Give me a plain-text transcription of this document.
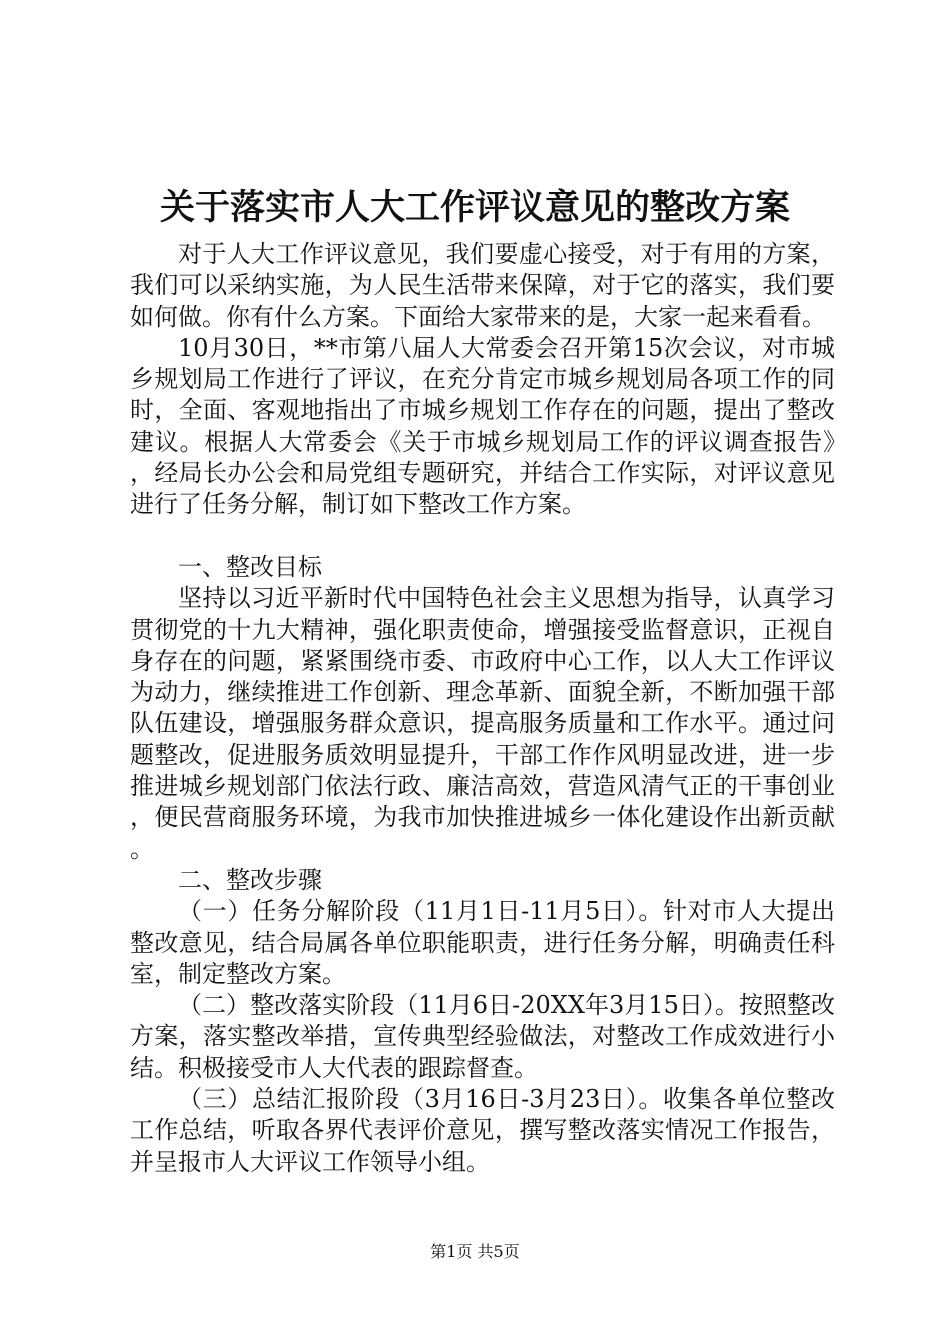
关于落实市人大工作评议意见的整改方案

对于人大工作评议意见，我们要虚心接受，对于有用的方案，我们可以采纳实施，为人民生活带来保障，对于它的落实，我们要如何做。你有什么方案。下面给大家带来的是，大家一起来看看。

10月30日，**市第八届人大常委会召开第15次会议，对市城乡规划局工作进行了评议，在充分肯定市城乡规划局各项工作的同时，全面、客观地指出了市城乡规划工作存在的问题，提出了整改建议。根据人大常委会《关于市城乡规划局工作的评议调查报告》，经局长办公会和局党组专题研究，并结合工作实际，对评议意见进行了任务分解，制订如下整改工作方案。

一、整改目标

坚持以习近平新时代中国特色社会主义思想为指导，认真学习贯彻党的十九大精神，强化职责使命，增强接受监督意识，正视自身存在的问题，紧紧围绕市委、市政府中心工作，以人大工作评议为动力，继续推进工作创新、理念革新、面貌全新，不断加强干部队伍建设，增强服务群众意识，提高服务质量和工作水平。通过问题整改，促进服务质效明显提升，干部工作作风明显改进，进一步推进城乡规划部门依法行政、廉洁高效，营造风清气正的干事创业，便民营商服务环境，为我市加快推进城乡一体化建设作出新贡献。

二、整改步骤

（一）任务分解阶段（11月1日-11月5日）。针对市人大提出整改意见，结合局属各单位职能职责，进行任务分解，明确责任科室，制定整改方案。

（二）整改落实阶段（11月6日-20XX年3月15日）。按照整改方案，落实整改举措，宣传典型经验做法，对整改工作成效进行小结。积极接受市人大代表的跟踪督查。

（三）总结汇报阶段（3月16日-3月23日）。收集各单位整改工作总结，听取各界代表评价意见，撰写整改落实情况工作报告，并呈报市人大评议工作领导小组。

第1页 共5页
